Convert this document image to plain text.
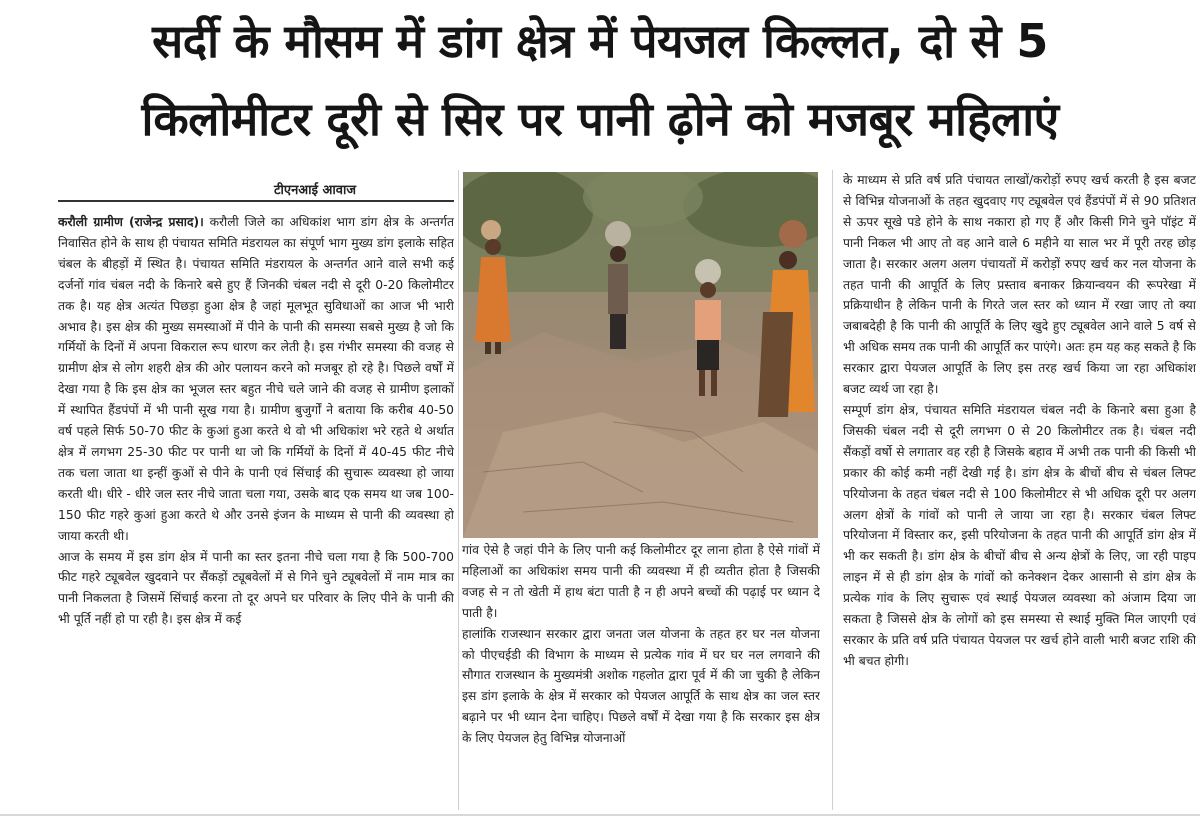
सर्दी के मौसम में डांग क्षेत्र में पेयजल किल्लत, दो से 5
किलोमीटर दूरी से सिर पर पानी ढ़ोने को मजबूर महिलाएं
टीएनआई आवाज

करौली ग्रामीण (राजेन्द्र प्रसाद)। करौली जिले का अधिकांश भाग डांग क्षेत्र के अन्तर्गत निवासित होने के साथ ही पंचायत समिति मंडरायल का संपूर्ण भाग मुख्य डांग इलाके सहित चंबल के बीहड़ों में स्थित है। पंचायत समिति मंडरायल के अन्तर्गत आने वाले सभी कई दर्जनों गांव चंबल नदी के किनारे बसे हुए हैं जिनकी चंबल नदी से दूरी 0-20 किलोमीटर तक है। यह क्षेत्र अत्यंत पिछड़ा हुआ क्षेत्र है जहां मूलभूत सुविधाओं का आज भी भारी अभाव है। इस क्षेत्र की मुख्य समस्याओं में पीने के पानी की समस्या सबसे मुख्य है जो कि गर्मियों के दिनों में अपना विकराल रूप धारण कर लेती है। इस गंभीर समस्या की वजह से ग्रामीण क्षेत्र से लोग शहरी क्षेत्र की ओर पलायन करने को मजबूर हो रहे है। पिछले वर्षों में देखा गया है कि इस क्षेत्र का भूजल स्तर बहुत नीचे चले जाने की वजह से ग्रामीण इलाकों में स्थापित हैंडपंपों में भी पानी सूख गया है। ग्रामीण बुजुर्गों ने बताया कि करीब 40-50 वर्ष पहले सिर्फ 50-70 फीट के कुआं हुआ करते थे वो भी अधिकांश भरे रहते थे अर्थात क्षेत्र में लगभग 25-30 फीट पर पानी था जो कि गर्मियों के दिनों में 40-45 फीट नीचे तक चला जाता था इन्हीं कुओं से पीने के पानी एवं सिंचाई की सुचारू व्यवस्था हो जाया करती थी। धीरे - धीरे जल स्तर नीचे जाता चला गया, उसके बाद एक समय था जब 100-150 फीट गहरे कुआं हुआ करते थे और उनसे इंजन के माध्यम से पानी की व्यवस्था हो जाया करती थी।

आज के समय में इस डांग क्षेत्र में पानी का स्तर इतना नीचे चला गया है कि 500-700 फीट गहरे ट्यूबवेल खुदवाने पर सैंकड़ों ट्यूबवेलों में से गिने चुने ट्यूबवेलों में नाम मात्र का पानी निकलता है जिसमें सिंचाई करना तो दूर अपने घर परिवार के लिए पीने के पानी की भी पूर्ति नहीं हो पा रही है। इस क्षेत्र में कई

गांव ऐसे है जहां पीने के लिए पानी कई किलोमीटर दूर लाना होता है ऐसे गांवों में महिलाओं का अधिकांश समय पानी की व्यवस्था में ही व्यतीत होता है जिसकी वजह से न तो खेती में हाथ बंटा पाती है न ही अपने बच्चों की पढ़ाई पर ध्यान दे पाती है।

हालांकि राजस्थान सरकार द्वारा जनता जल योजना के तहत हर घर नल योजना को पीएचईडी की विभाग के माध्यम से प्रत्येक गांव में घर घर नल लगवाने की सौगात राजस्थान के मुख्यमंत्री अशोक गहलोत द्वारा पूर्व में की जा चुकी है लेकिन इस डांग इलाके के क्षेत्र में सरकार को पेयजल आपूर्ति के साथ क्षेत्र का जल स्तर बढ़ाने पर भी ध्यान देना चाहिए। पिछले वर्षों में देखा गया है कि सरकार इस क्षेत्र के लिए पेयजल हेतु विभिन्न योजनाओं

के माध्यम से प्रति वर्ष प्रति पंचायत लाखों/करोड़ों रुपए खर्च करती है इस बजट से विभिन्न योजनाओं के तहत खुदवाए गए ट्यूबवेल एवं हैंडपंपों में से 90 प्रतिशत से ऊपर सूखे पडे होने के साथ नकारा हो गए हैं और किसी गिने चुने पॉइंट में पानी निकल भी आए तो वह आने वाले 6 महीने या साल भर में पूरी तरह छोड़ जाता है। सरकार अलग अलग पंचायतों में करोड़ों रुपए खर्च कर नल योजना के तहत पानी की आपूर्ति के लिए प्रस्ताव बनाकर क्रियान्वयन की रूपरेखा में प्रक्रियाधीन है लेकिन पानी के गिरते जल स्तर को ध्यान में रखा जाए तो क्या जबाबदेही है कि पानी की आपूर्ति के लिए खुदे हुए ट्यूबवेल आने वाले 5 वर्ष से भी अधिक समय तक पानी की आपूर्ति कर पाएंगे। अतः हम यह कह सकते है कि सरकार द्वारा पेयजल आपूर्ति के लिए इस तरह खर्च किया जा रहा अधिकांश बजट व्यर्थ जा रहा है।

सम्पूर्ण डांग क्षेत्र, पंचायत समिति मंडरायल चंबल नदी के किनारे बसा हुआ है जिसकी चंबल नदी से दूरी लगभग 0 से 20 किलोमीटर तक है। चंबल नदी सैंकड़ों वर्षो से लगातार वह रही है जिसके बहाव में अभी तक पानी की किसी भी प्रकार की कोई कमी नहीं देखी गई है। डांग क्षेत्र के बीचों बीच से चंबल लिफ्ट परियोजना के तहत चंबल नदी से 100 किलोमीटर से भी अधिक दूरी पर अलग अलग क्षेत्रों के गांवों को पानी ले जाया जा रहा है। सरकार चंबल लिफ्ट परियोजना में विस्तार कर, इसी परियोजना के तहत पानी की आपूर्ति डांग क्षेत्र में भी कर सकती है। डांग क्षेत्र के बीचों बीच से अन्य क्षेत्रों के लिए, जा रही पाइप लाइन में से ही डांग क्षेत्र के गांवों को कनेक्शन देकर आसानी से डांग क्षेत्र के प्रत्येक गांव के लिए सुचारू एवं स्थाई पेयजल व्यवस्था को अंजाम दिया जा सकता है जिससे क्षेत्र के लोगों को इस समस्या से स्थाई मुक्ति मिल जाएगी एवं सरकार के प्रति वर्ष प्रति पंचायत पेयजल पर खर्च होने वाली भारी बजट राशि की भी बचत होगी।
